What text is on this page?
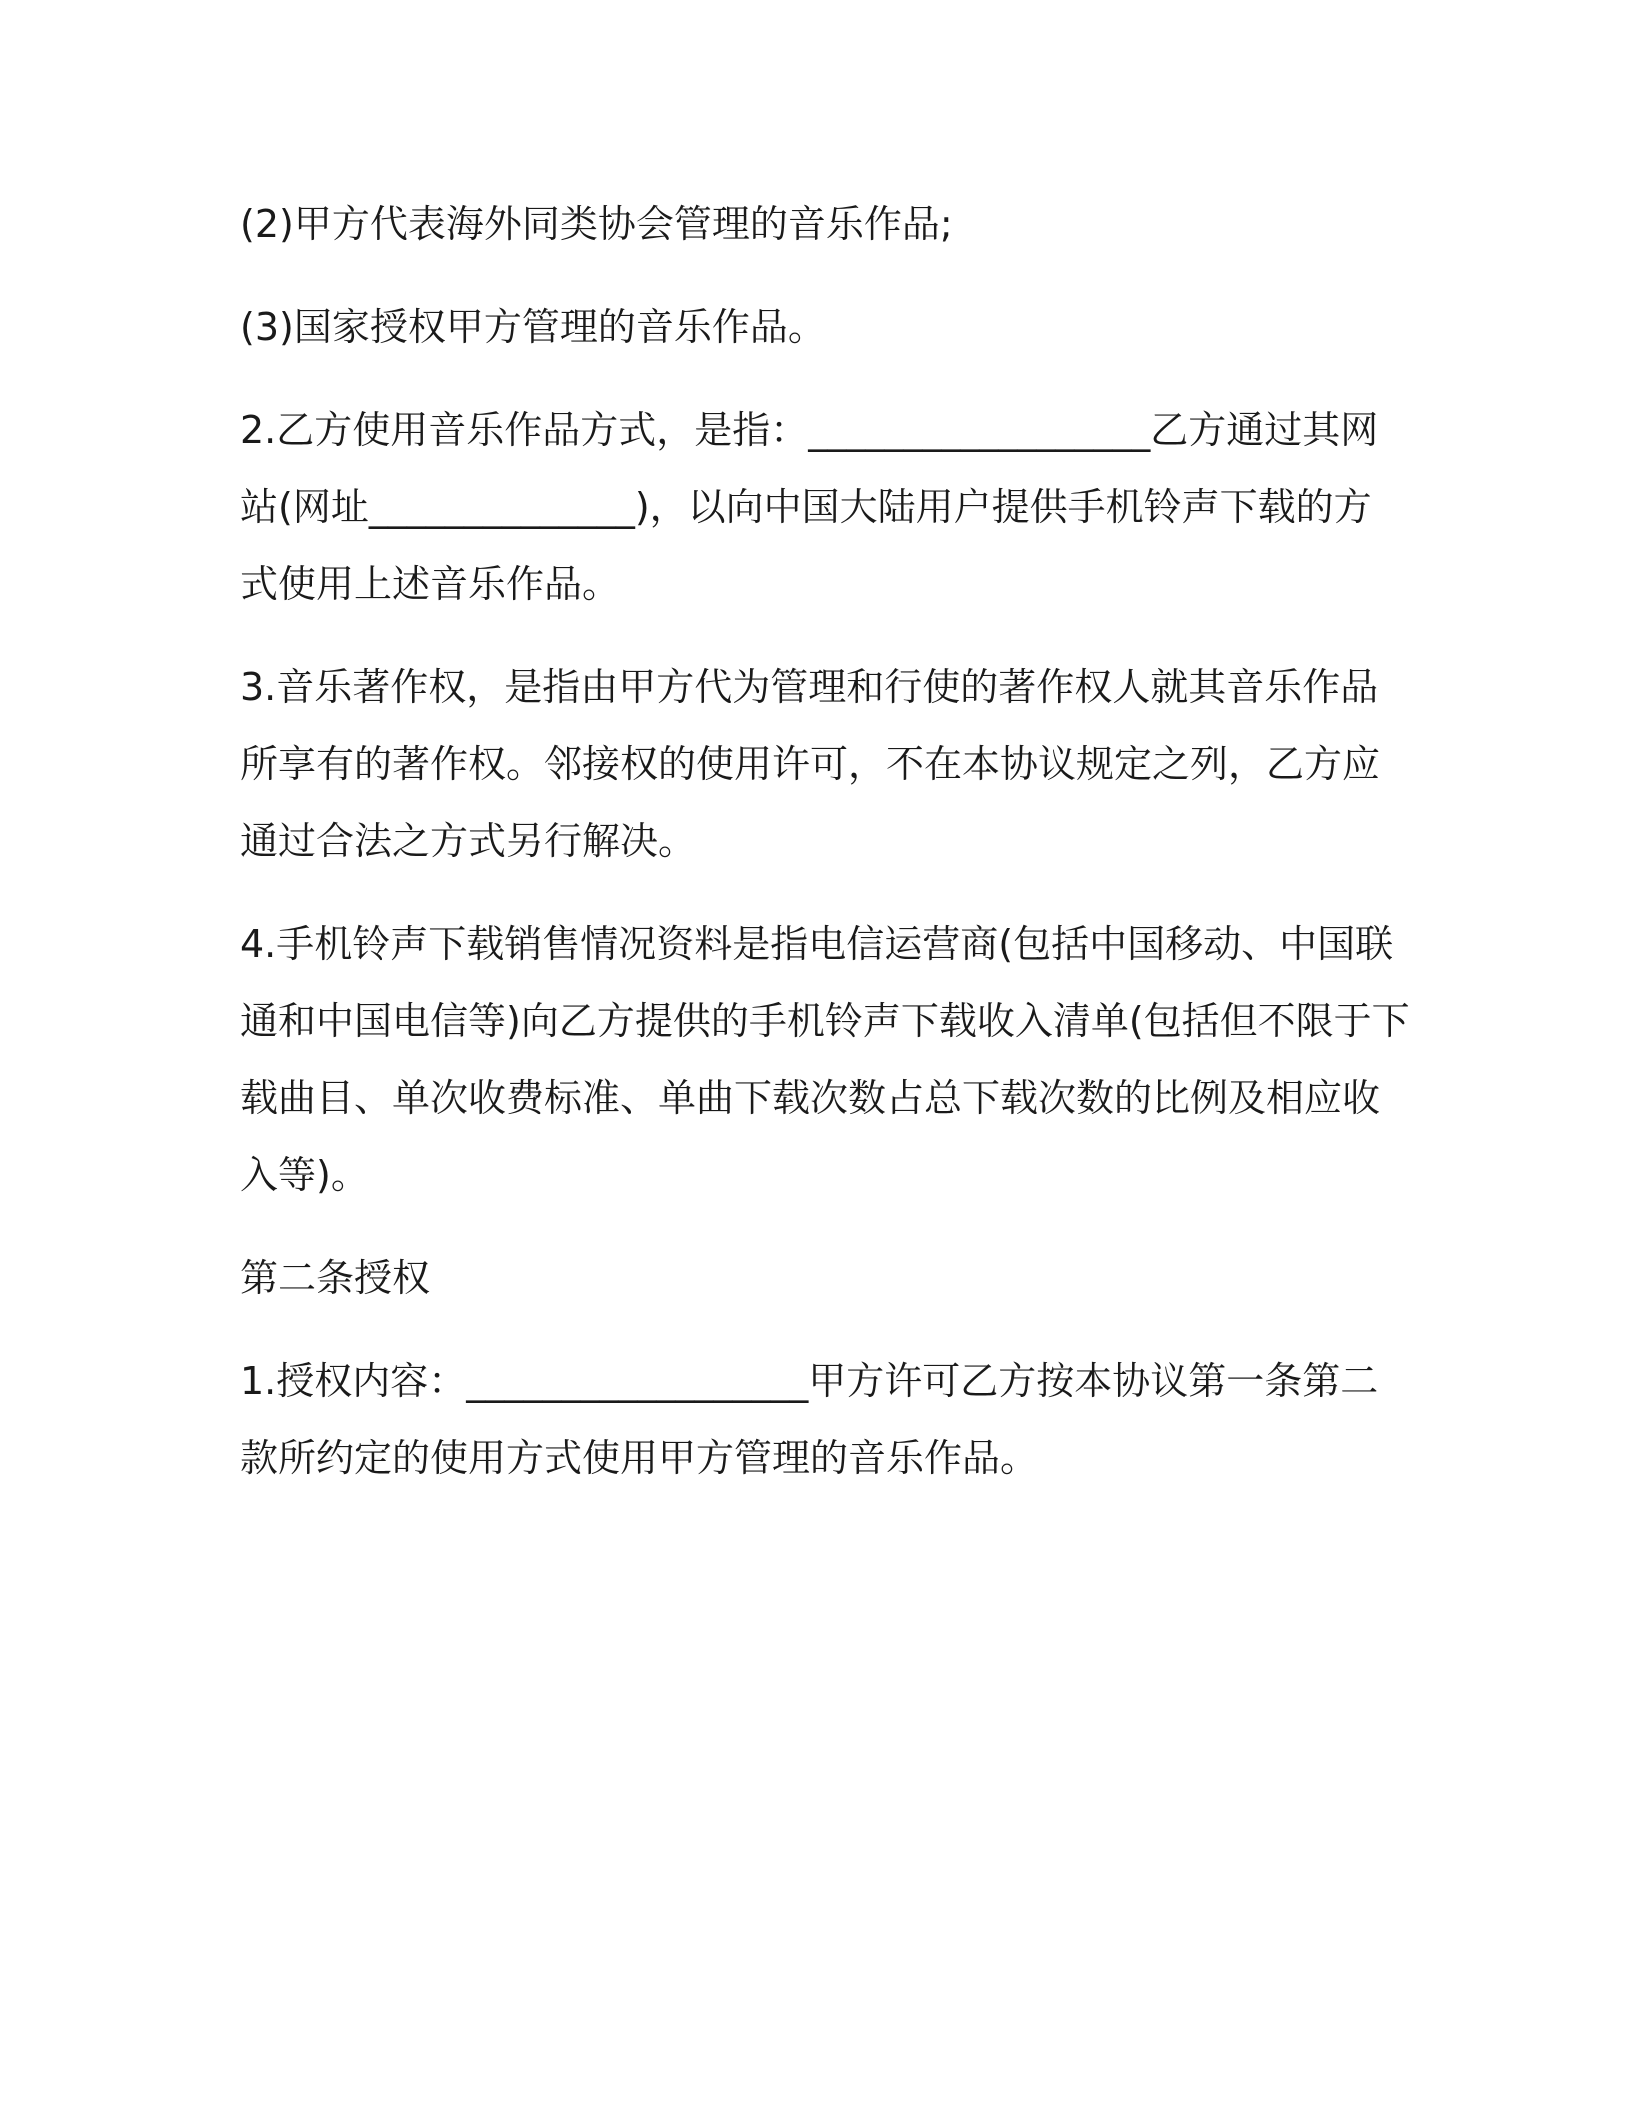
(2)甲方代表海外同类协会管理的音乐作品;

(3)国家授权甲方管理的音乐作品。

2.乙方使用音乐作品方式，是指：__________________乙方通过其网
站(网址______________)，以向中国大陆用户提供手机铃声下载的方
式使用上述音乐作品。

3.音乐著作权，是指由甲方代为管理和行使的著作权人就其音乐作品
所享有的著作权。邻接权的使用许可，不在本协议规定之列，乙方应
通过合法之方式另行解决。

4.手机铃声下载销售情况资料是指电信运营商(包括中国移动、中国联
通和中国电信等)向乙方提供的手机铃声下载收入清单(包括但不限于下
载曲目、单次收费标准、单曲下载次数占总下载次数的比例及相应收
入等)。

第二条授权

1.授权内容：__________________甲方许可乙方按本协议第一条第二
款所约定的使用方式使用甲方管理的音乐作品。
